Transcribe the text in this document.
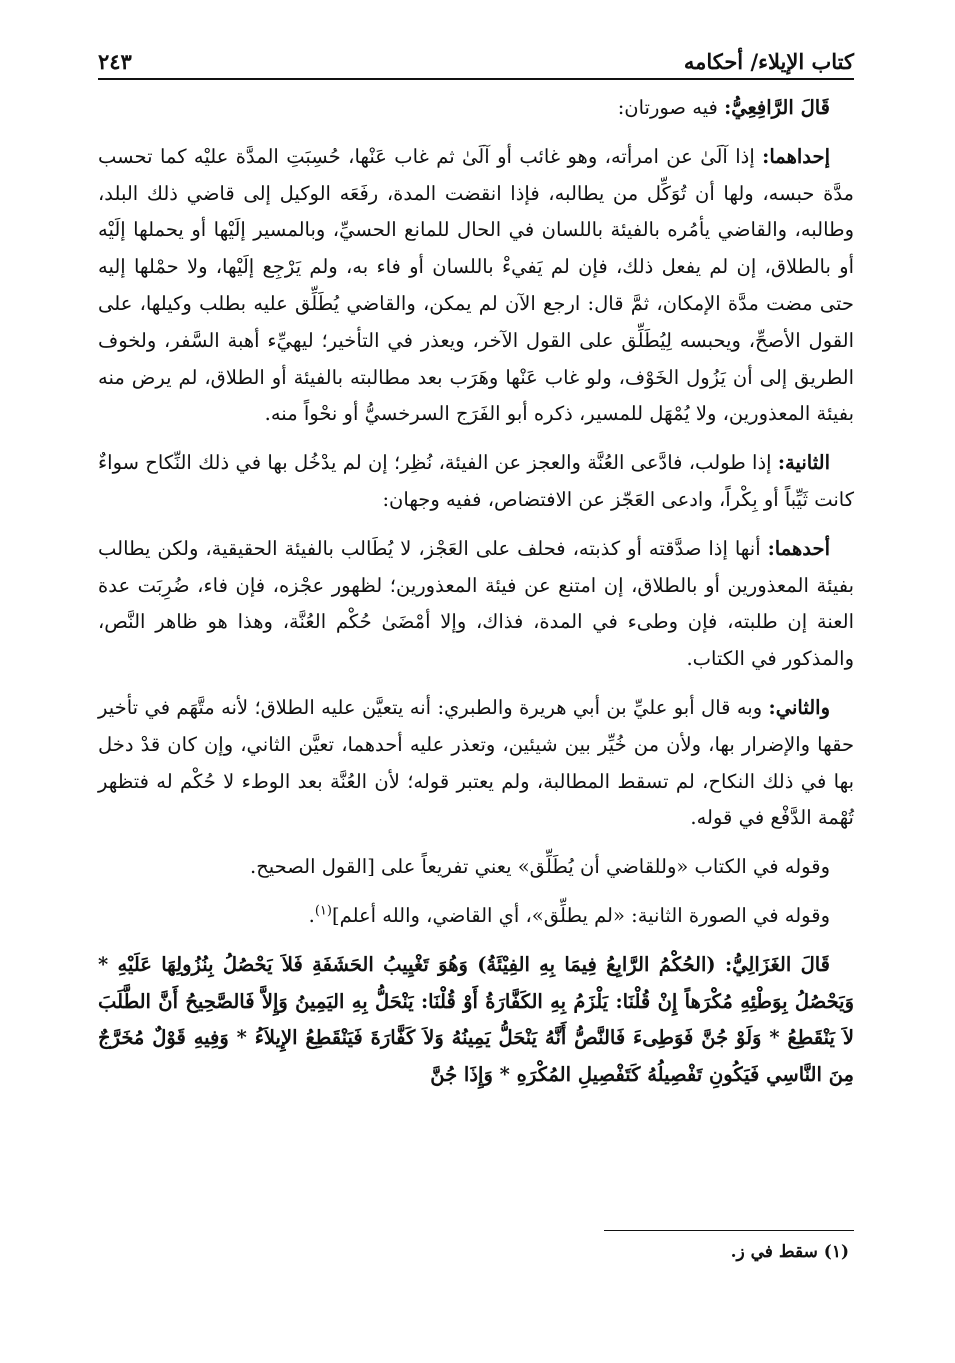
كتاب الإيلاء/ أحكامه
٢٤٣

قَالَ الرَّافِعِيُّ: فيه صورتان:

إحداهما: إذا آلَىٰ عن امرأته، وهو غائب أو آلَىٰ ثم غاب عَنْها، حُسِبَتِ المدَّة عليْه كما تحسب مدَّة حبسه، ولها أن تُوَكِّل من يطالبه، فإذا انقضت المدة، رفَعَه الوكيل إلى قاضي ذلك البلد، وطالبه، والقاضي يأمُره بالفيئة باللسان في الحال للمانع الحسيِّ، وبالمسير إلَيْها أو يحملها إلَيْه أو بالطلاق، إن لم يفعل ذلك، فإن لم يَفيءْ باللسان أو فاء به، ولم يَرْجِع إلَيْها، ولا حمْلها إليه حتى مضت مدَّة الإمكان، ثمَّ قال: ارجع الآن لم يمكن، والقاضي يُطَلِّق عليه بطلب وكيلها، على القول الأصحِّ، ويحبسه لِيُطَلِّق على القول الآخر، ويعذر في التأخير؛ ليهيِّء أهبة السَّفر، ولخوف الطريق إلى أن يَزُول الخَوْف، ولو غاب عَنْها وهَرَب بعد مطالبته بالفيئة أو الطلاق، لم يرض منه بفيئة المعذورين، ولا يُمْهَل للمسير، ذكره أبو الفَرَج السرخسيُّ أو نحْواً منه.

الثانية: إذا طولب، فادَّعى العُنَّة والعجز عن الفيئة، نُظِر؛ إن لم يدْخُل بها في ذلك النِّكاح سواءٌ كانت ثَيِّباً أو بِكْراً، وادعى العَجّز عن الافتضاص، ففيه وجهان:

أحدهما: أنها إذا صدَّقته أو كذبته، فحلف على العَجْز، لا يُطَالب بالفيئة الحقيقية، ولكن يطالب بفيئة المعذورين أو بالطلاق، إن امتنع عن فيئة المعذورين؛ لظهور عجْزه، فإن فاء، ضُرِبَت عدة العنة إن طلبته، فإن وطىء في المدة، فذاك، وإلا أمْضَىٰ حُكْم العُنَّة، وهذا هو ظاهر النَّص، والمذكور في الكتاب.

والثاني: وبه قال أبو عليِّ بن أبي هريرة والطبري: أنه يتعيَّن عليه الطلاق؛ لأنه متَّهَم في تأخير حقها والإضرار بها، ولأن من خُيِّر بين شيئين، وتعذر عليه أحدهما، تعيَّن الثاني، وإن كان قدْ دخل بها في ذلك النكاح، لم تسقط المطالبة، ولم يعتبر قوله؛ لأن العُنَّة بعد الوطء لا حُكْم له فتظهر تُهْمة الدَّفْع في قوله.

وقوله في الكتاب «وللقاضي أن يُطَلِّق» يعني تفريعاً على [القول الصحيح.

وقوله في الصورة الثانية: «لم يطلِّق»، أي القاضي، والله أعلم]$^{(١)}$.

قَالَ الغَزَالِيُّ: (الحُكْمُ الرَّابِعُ فِيمَا بِهِ الفِيْئَةُ) وَهُوَ تَغْيِيبُ الحَشَفَةِ فَلاَ يَحْصُلُ بِنُزُولِهَا عَلَيْهِ * وَيَحْصُلُ بِوَطْئِهِ مُكْرَهاً إِنْ قُلْنَا: يَلْزَمُ بِهِ الكَفَّارَةُ أَوْ قُلْنَا: يَنْحَلُّ بِهِ اليَمِينُ وَإِلاَّ فَالصَّحِيحُ أَنَّ الطَّلَبَ لاَ يَنْقَطِعُ * وَلَوْ جُنَّ فَوَطِىءَ فَالنَّصُّ أَنَّهُ يَنْحَلُّ يَمِينُهُ وَلاَ كَفَّارَةَ فَيَنْقَطِعُ الإِيلاَءُ * وَفِيهِ قَوْلٌ مُخَرَّجٌ مِنَ النَّاسِي فَيَكُونِ تَفْصِيلُهُ كَتَفْصِيلِ المُكْرَهِ * وَإِذَا جُنَّ

(١) سقط في ز.
